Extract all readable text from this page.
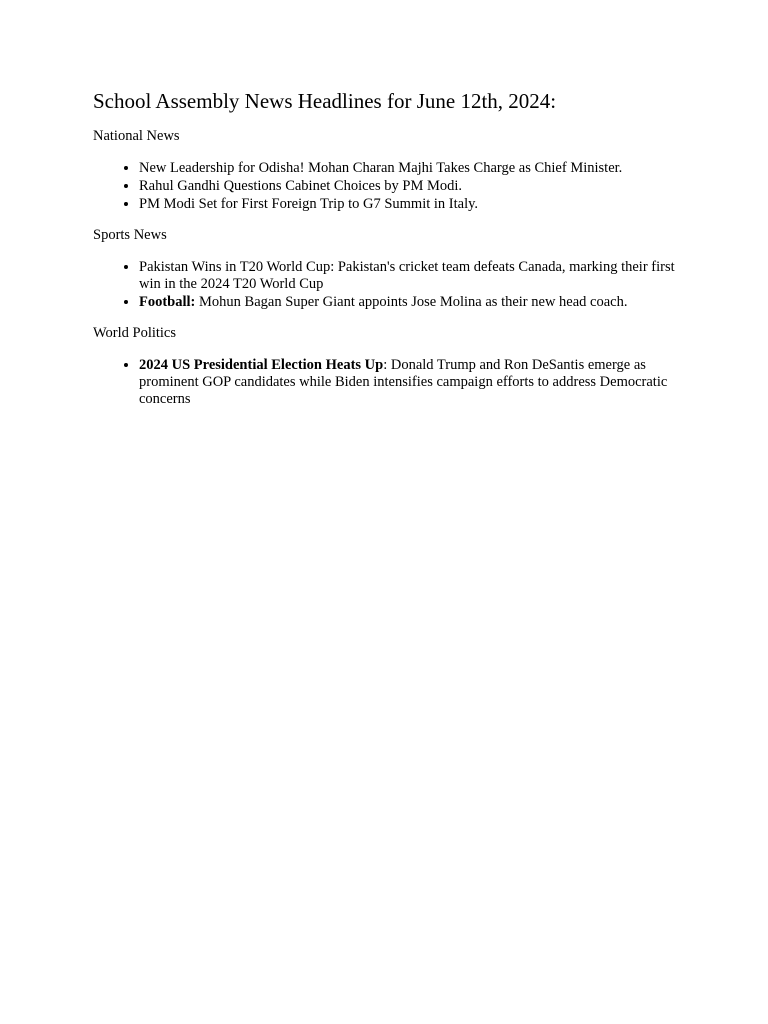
School Assembly News Headlines for June 12th, 2024:
National News
• New Leadership for Odisha! Mohan Charan Majhi Takes Charge as Chief Minister.
• Rahul Gandhi Questions Cabinet Choices by PM Modi.
• PM Modi Set for First Foreign Trip to G7 Summit in Italy.
Sports News
• Pakistan Wins in T20 World Cup: Pakistan's cricket team defeats Canada, marking their first win in the 2024 T20 World Cup
• Football: Mohun Bagan Super Giant appoints Jose Molina as their new head coach.
World Politics
• 2024 US Presidential Election Heats Up: Donald Trump and Ron DeSantis emerge as prominent GOP candidates while Biden intensifies campaign efforts to address Democratic concerns
